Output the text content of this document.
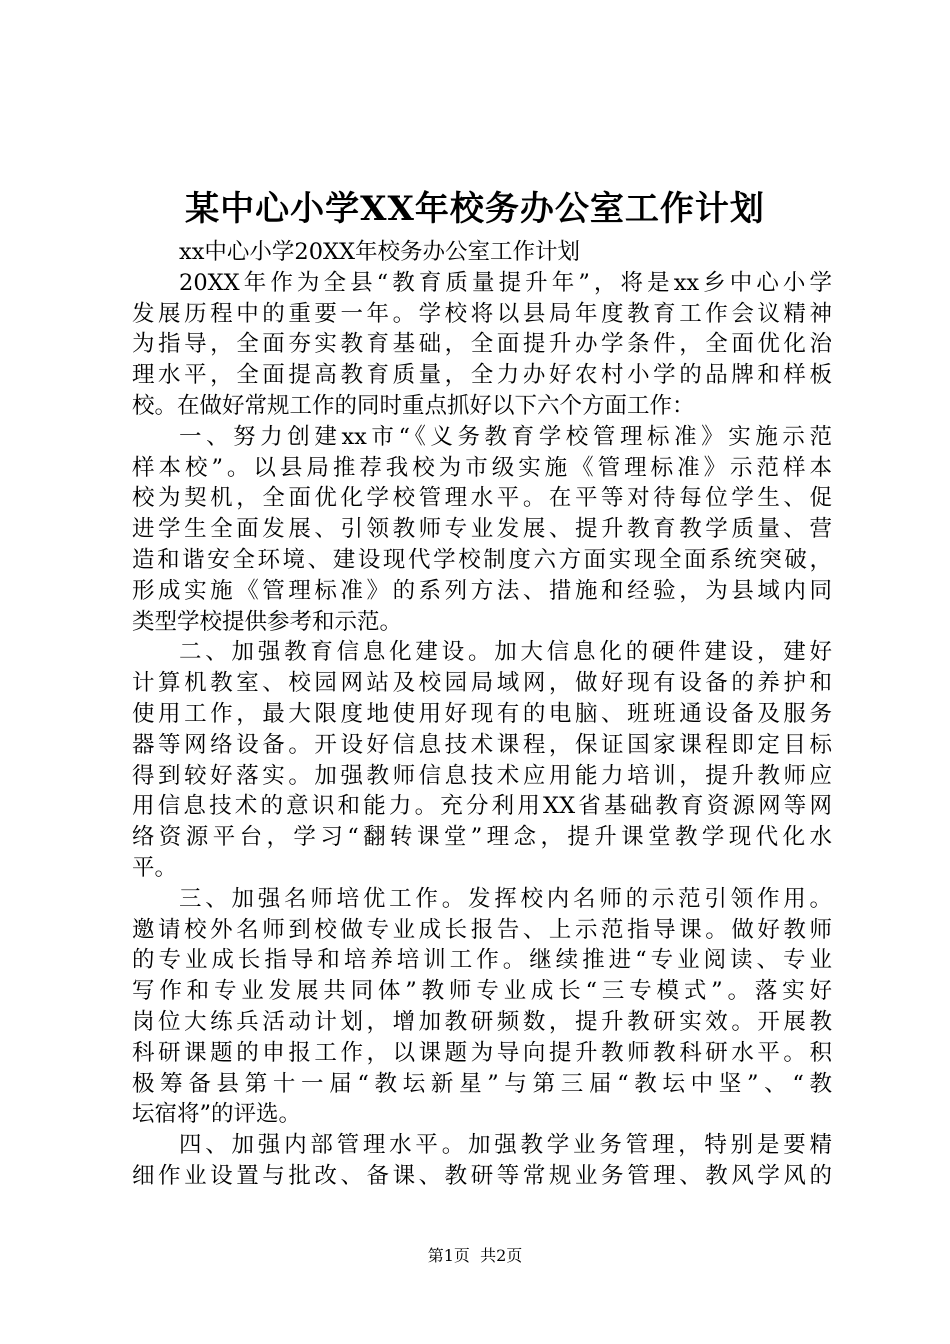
某中心小学XX年校务办公室工作计划
xx中心小学20XX年校务办公室工作计划
20XX年作为全县“教育质量提升年”，将是xx乡中心小学
发展历程中的重要一年。学校将以县局年度教育工作会议精神
为指导，全面夯实教育基础，全面提升办学条件，全面优化治
理水平，全面提高教育质量，全力办好农村小学的品牌和样板
校。在做好常规工作的同时重点抓好以下六个方面工作：
一、努力创建xx市“《义务教育学校管理标准》实施示范
样本校”。以县局推荐我校为市级实施《管理标准》示范样本
校为契机，全面优化学校管理水平。在平等对待每位学生、促
进学生全面发展、引领教师专业发展、提升教育教学质量、营
造和谐安全环境、建设现代学校制度六方面实现全面系统突破，
形成实施《管理标准》的系列方法、措施和经验，为县域内同
类型学校提供参考和示范。
二、加强教育信息化建设。加大信息化的硬件建设，建好
计算机教室、校园网站及校园局域网，做好现有设备的养护和
使用工作，最大限度地使用好现有的电脑、班班通设备及服务
器等网络设备。开设好信息技术课程，保证国家课程即定目标
得到较好落实。加强教师信息技术应用能力培训，提升教师应
用信息技术的意识和能力。充分利用XX省基础教育资源网等网
络资源平台，学习“翻转课堂”理念，提升课堂教学现代化水
平。
三、加强名师培优工作。发挥校内名师的示范引领作用。
邀请校外名师到校做专业成长报告、上示范指导课。做好教师
的专业成长指导和培养培训工作。继续推进“专业阅读、专业
写作和专业发展共同体”教师专业成长“三专模式”。落实好
岗位大练兵活动计划，增加教研频数，提升教研实效。开展教
科研课题的申报工作，以课题为导向提升教师教科研水平。积
极筹备县第十一届“教坛新星”与第三届“教坛中坚”、“教
坛宿将”的评选。
四、加强内部管理水平。加强教学业务管理，特别是要精
细作业设置与批改、备课、教研等常规业务管理、教风学风的
第1页  共2页
